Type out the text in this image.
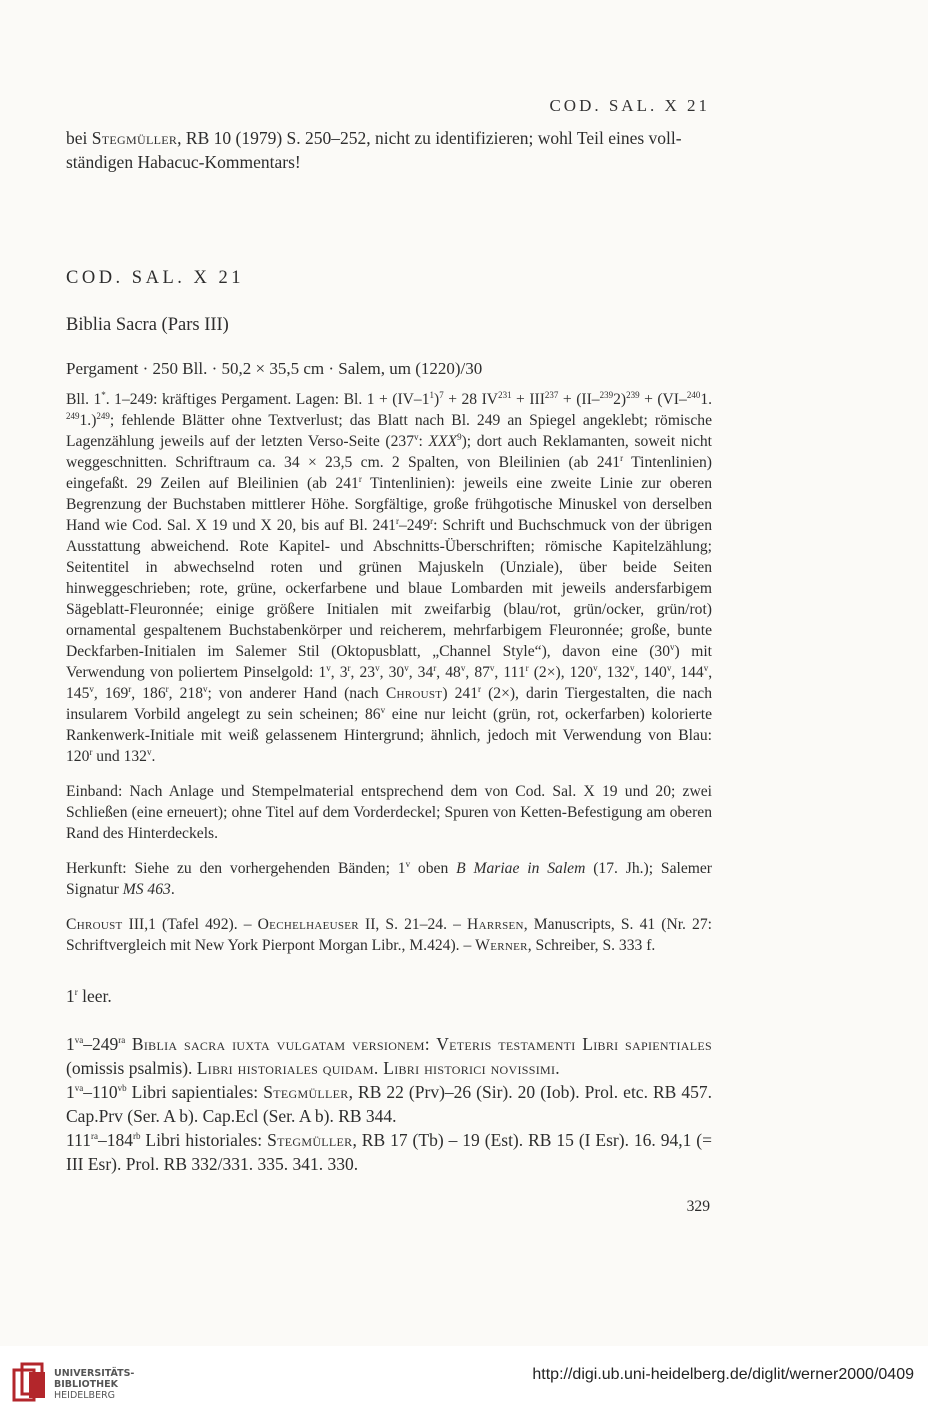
COD. SAL. X 21

bei Stegmüller, RB 10 (1979) S. 250–252, nicht zu identifizieren; wohl Teil eines voll-
ständigen Habacuc-Kommentars!

COD. SAL. X 21

Biblia Sacra (Pars III)

Pergament · 250 Bll. · 50,2 × 35,5 cm · Salem, um (1220)/30

Bll. 1*. 1–249: kräftiges Pergament. Lagen: Bl. $1 + (IV-1^1)^7 + 28$ $IV^{231} + III^{237} + (II-^{239}2)^{239} + (VI-^{240}1$. $^{249}$1.)$^{249}$; fehlende Blätter ohne Textverlust; das Blatt nach Bl. 249 an Spiegel angeklebt; römische Lagenzählung jeweils auf der letzten Verso-Seite (237$^v$: XXX$^9$); dort auch Reklamanten, soweit nicht weggeschnitten. Schriftraum ca. 34 × 23,5 cm. 2 Spalten, von Bleilinien (ab 241$^r$ Tintenlinien) eingefaßt. 29 Zeilen auf Bleilinien (ab 241$^r$ Tintenlinien): jeweils eine zweite Linie zur oberen Begrenzung der Buchstaben mittlerer Höhe. Sorgfältige, große frühgotische Minuskel von derselben Hand wie Cod. Sal. X 19 und X 20, bis auf Bl. 241$^r$–249$^r$: Schrift und Buchschmuck von der übrigen Ausstattung abweichend. Rote Kapitel- und Abschnitts-Überschriften; römische Kapitelzählung; Seitentitel in abwechselnd roten und grünen Majuskeln (Unziale), über beide Seiten hinweggeschrieben; rote, grüne, ockerfarbene und blaue Lombarden mit jeweils andersfarbigem Sägeblatt-Fleuronnée; einige größere Initialen mit zweifarbig (blau/rot, grün/ocker, grün/rot) ornamental gespaltenem Buchstabenkörper und reicherem, mehrfarbigem Fleuronnée; große, bunte Deckfarben-Initialen im Salemer Stil (Oktopusblatt, „Channel Style“), davon eine (30$^v$) mit Verwendung von poliertem Pinselgold: 1$^v$, 3$^r$, 23$^v$, 30$^v$, 34$^r$, 48$^v$, 87$^v$, 111$^r$ (2×), 120$^v$, 132$^v$, 140$^v$, 144$^v$, 145$^v$, 169$^r$, 186$^r$, 218$^v$; von anderer Hand (nach Chroust) 241$^r$ (2×), darin Tiergestalten, die nach insularem Vorbild angelegt zu sein scheinen; 86$^v$ eine nur leicht (grün, rot, ockerfarben) kolorierte Rankenwerk-Initiale mit weiß gelassenem Hintergrund; ähnlich, jedoch mit Verwendung von Blau: 120$^r$ und 132$^v$.

Einband: Nach Anlage und Stempelmaterial entsprechend dem von Cod. Sal. X 19 und 20; zwei Schließen (eine erneuert); ohne Titel auf dem Vorderdeckel; Spuren von Ketten-Befestigung am oberen Rand des Hinterdeckels.

Herkunft: Siehe zu den vorhergehenden Bänden; 1$^v$ oben B Mariae in Salem (17. Jh.); Salemer Signatur MS 463.

Chroust III,1 (Tafel 492). – Oechelhaeuser II, S. 21–24. – Harrsen, Manuscripts, S. 41 (Nr. 27: Schriftvergleich mit New York Pierpont Morgan Libr., M.424). – Werner, Schreiber, S. 333 f.

1$^r$ leer.

$1^{va}-249^{ra}$ Biblia sacra iuxta vulgatam versionem: Veteris testamenti Libri sapientiales (omissis psalmis). Libri historiales quidam. Libri historici novissimi.

$1^{va}-110^{vb}$ Libri sapientiales: Stegmüller, RB 22 (Prv)–26 (Sir). 20 (Iob). Prol. etc. RB 457. Cap.Prv (Ser. A b). Cap.Ecl (Ser. A b). RB 344.

$111^{ra}-184^{rb}$ Libri historiales: Stegmüller, RB 17 (Tb) – 19 (Est). RB 15 (I Esr). 16. 94,1 (= III Esr). Prol. RB 332/331. 335. 341. 330.

329
UNIVERSITÄTS-
BIBLIOTHEK
HEIDELBERG
http://digi.ub.uni-heidelberg.de/diglit/werner2000/0409
